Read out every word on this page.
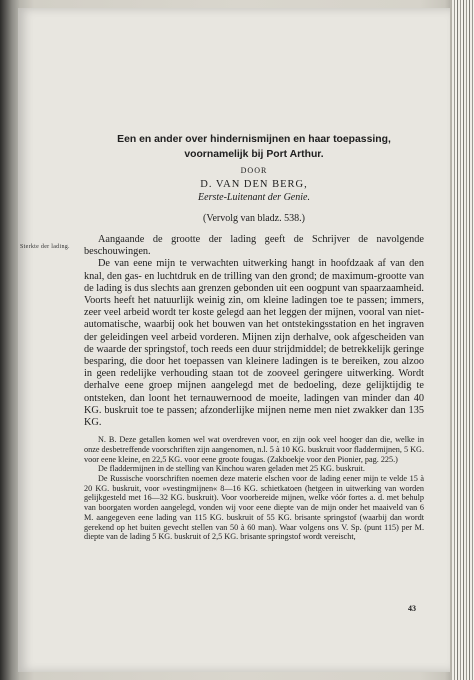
Sterkte der lading.
Een en ander over hindernismijnen en haar toepassing,
voornamelijk bij Port Arthur.
DOOR
D. VAN DEN BERG,
Eerste-Luitenant der Genie.
(Vervolg van bladz. 538.)

Aangaande de grootte der lading geeft de Schrijver de navolgende beschouwingen.

De van eene mijn te verwachten uitwerking hangt in hoofdzaak af van den knal, den gas- en luchtdruk en de trilling van den grond; de maximum-grootte van de lading is dus slechts aan grenzen gebonden uit een oogpunt van spaarzaamheid. Voorts heeft het natuurlijk weinig zin, om kleine ladingen toe te passen; immers, zeer veel arbeid wordt ter koste gelegd aan het leggen der mijnen, vooral van niet-automatische, waarbij ook het bouwen van het ontstekingsstation en het ingraven der geleidingen veel arbeid vorderen. Mijnen zijn derhalve, ook afgescheiden van de waarde der springstof, toch reeds een duur strijdmiddel; de betrekkelijk geringe besparing, die door het toepassen van kleinere ladingen is te bereiken, zou alzoo in geen redelijke verhouding staan tot de zooveel geringere uitwerking. Wordt derhalve eene groep mijnen aangelegd met de bedoeling, deze gelijktijdig te ontsteken, dan loont het ternauwernood de moeite, ladingen van minder dan 40 KG. buskruit toe te passen; afzonderlijke mijnen neme men niet zwakker dan 135 KG.

N. B. Deze getallen komen wel wat overdreven voor, en zijn ook veel hooger dan die, welke in onze desbetreffende voorschriften zijn aangenomen, n.l. 5 à 10 KG. buskruit voor fladdermijnen, 5 KG. voor eene kleine, en 22,5 KG. voor eene groote fougas. (Zakboekje voor den Pionier, pag. 225.)

De fladdermijnen in de stelling van Kinchou waren geladen met 25 KG. buskruit.

De Russische voorschriften noemen deze materie elschen voor de lading eener mijn te velde 15 à 20 KG. buskruit, voor »vestingmijnen« 8—16 KG. schietkatoen (hetgeen in uitwerking van worden gelijkgesteld met 16—32 KG. buskruit). Voor voorbereide mijnen, welke vóór fortes a. d. met behulp van boorgaten worden aangelegd, vonden wij voor eene diepte van de mijn onder het maaiveld van 6 M. aangegeven eene lading van 115 KG. buskruit of 55 KG. brisante springstof (waarbij dan wordt gerekend op het buiten gevecht stellen van 50 à 60 man). Waar volgens ons V. Sp. (punt 115) per M. diepte van de lading 5 KG. buskruit of 2,5 KG. brisante springstof wordt vereischt,

43
